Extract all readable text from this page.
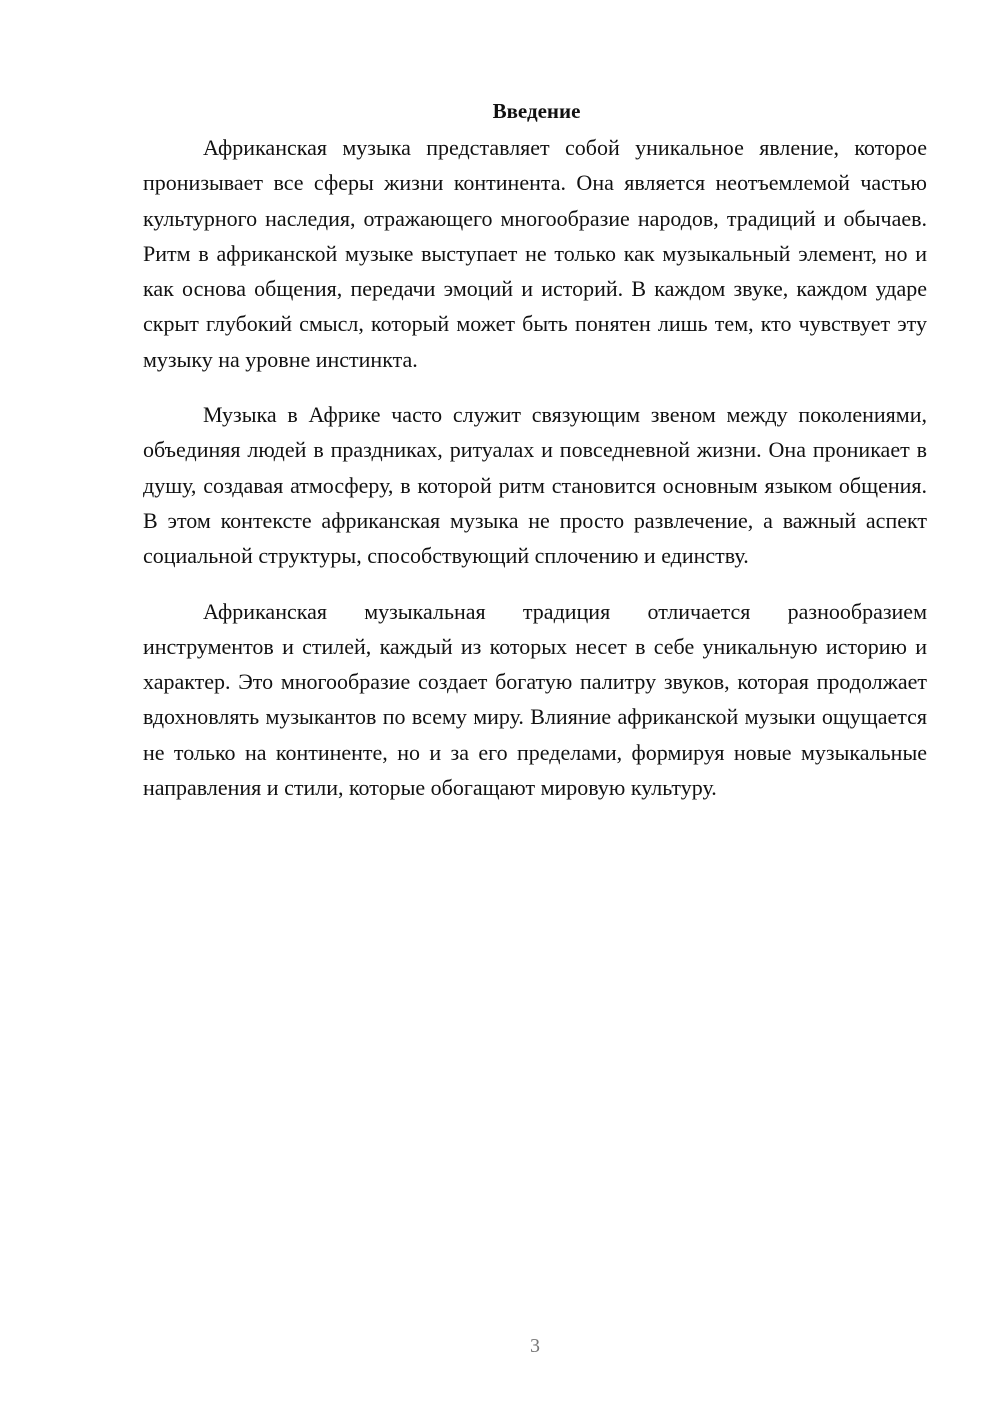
Введение

Африканская музыка представляет собой уникальное явление, которое пронизывает все сферы жизни континента. Она является неотъемлемой частью культурного наследия, отражающего многообразие народов, традиций и обычаев. Ритм в африканской музыке выступает не только как музыкальный элемент, но и как основа общения, передачи эмоций и историй. В каждом звуке, каждом ударе скрыт глубокий смысл, который может быть понятен лишь тем, кто чувствует эту музыку на уровне инстинкта.

Музыка в Африке часто служит связующим звеном между поколениями, объединяя людей в праздниках, ритуалах и повседневной жизни. Она проникает в душу, создавая атмосферу, в которой ритм становится основным языком общения. В этом контексте африканская музыка не просто развлечение, а важный аспект социальной структуры, способствующий сплочению и единству.

Африканская музыкальная традиция отличается разнообразием инструментов и стилей, каждый из которых несет в себе уникальную историю и характер. Это многообразие создает богатую палитру звуков, которая продолжает вдохновлять музыкантов по всему миру. Влияние африканской музыки ощущается не только на континенте, но и за его пределами, формируя новые музыкальные направления и стили, которые обогащают мировую культуру.

3
